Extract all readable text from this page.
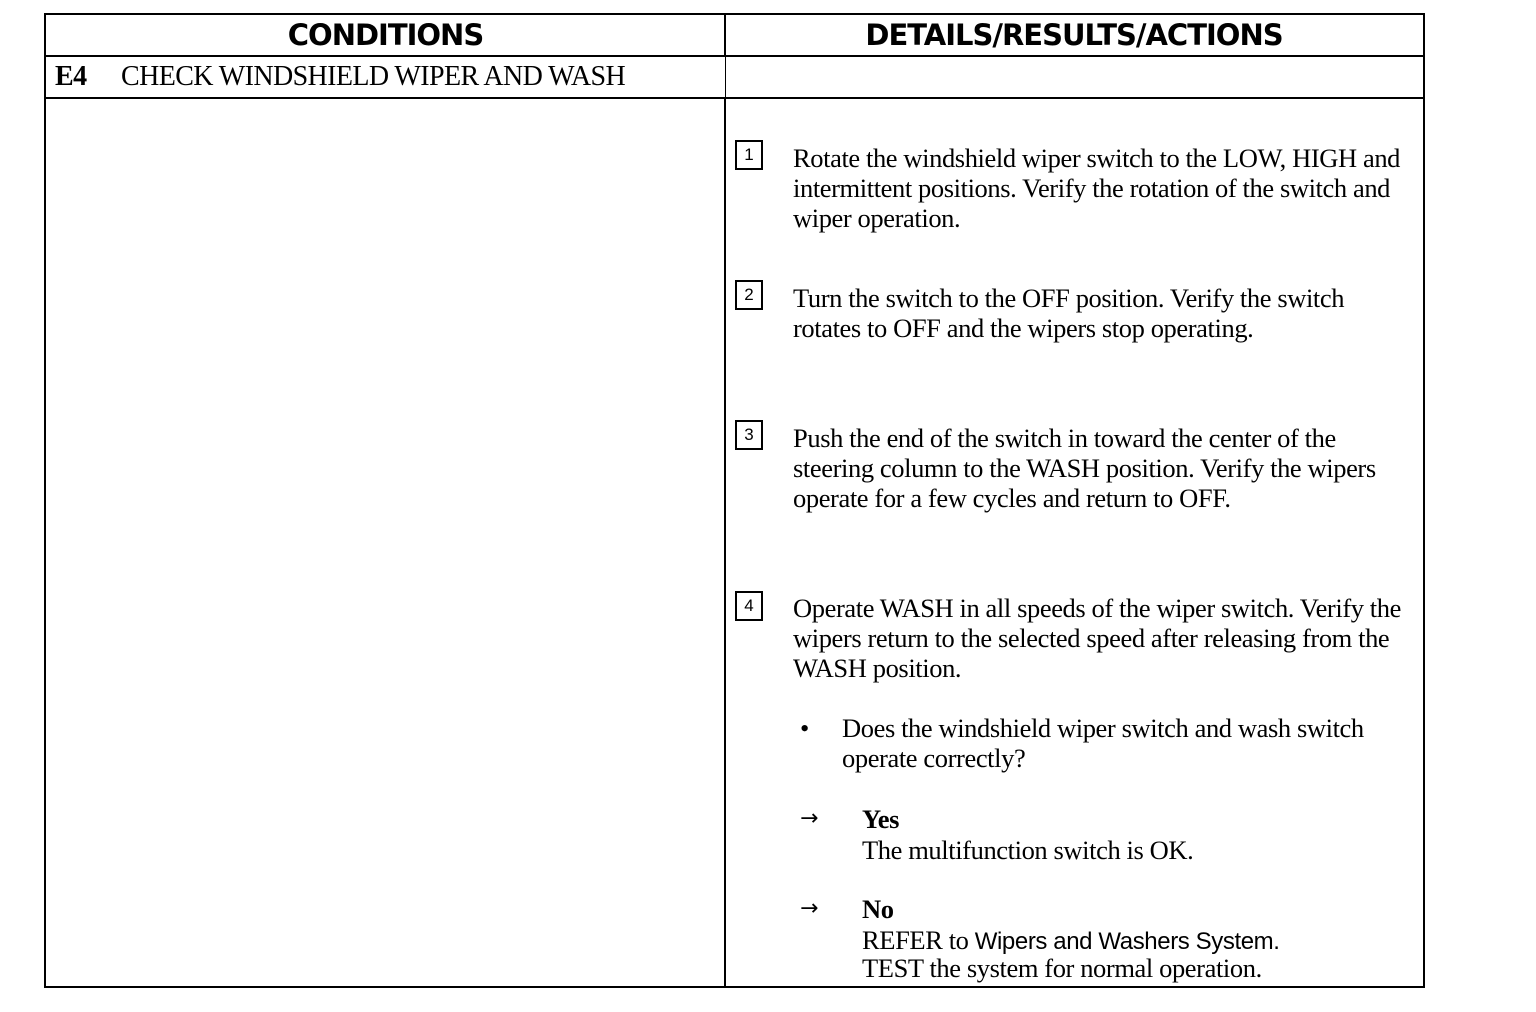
CONDITIONS	DETAILS/RESULTS/ACTIONS
E4 CHECK WINDSHIELD WIPER AND WASH
1	Rotate the windshield wiper switch to the LOW, HIGH and intermittent positions. Verify the rotation of the switch and wiper operation.

2	Turn the switch to the OFF position. Verify the switch rotates to OFF and the wipers stop operating.

3	Push the end of the switch in toward the center of the steering column to the WASH position. Verify the wipers operate for a few cycles and return to OFF.

4	Operate WASH in all speeds of the wiper switch. Verify the wipers return to the selected speed after releasing from the WASH position.

• Does the windshield wiper switch and wash switch operate correctly?

→ Yes

The multifunction switch is OK.

→ No

REFER to Wipers and Washers System.

TEST the system for normal operation.
